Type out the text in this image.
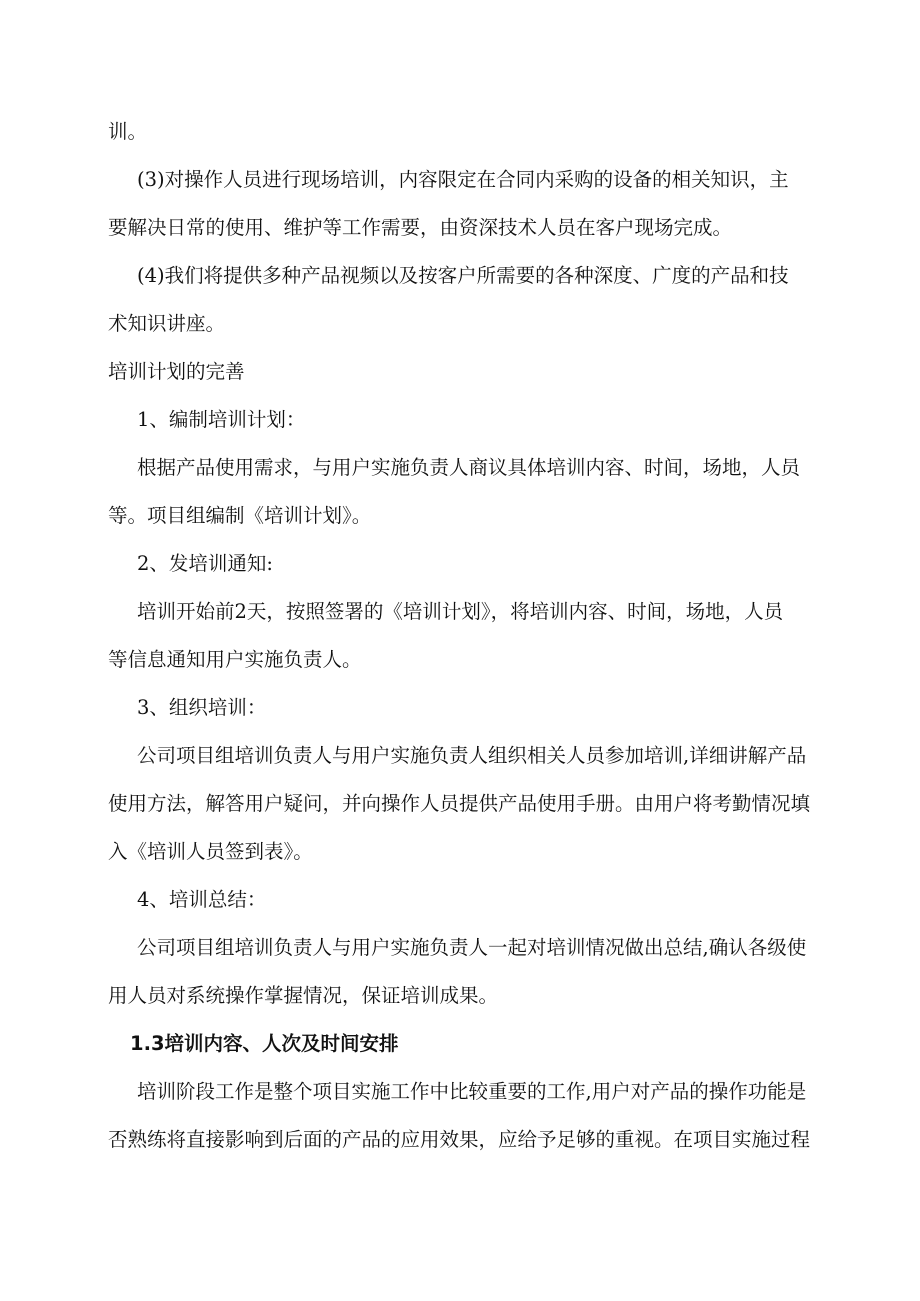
训。
(3)对操作人员进行现场培训，内容限定在合同内采购的设备的相关知识，主
要解决日常的使用、维护等工作需要，由资深技术人员在客户现场完成。
(4)我们将提供多种产品视频以及按客户所需要的各种深度、广度的产品和技
术知识讲座。
培训计划的完善
1、编制培训计划：
根据产品使用需求，与用户实施负责人商议具体培训内容、时间，场地，人员
等。项目组编制《培训计划》。
2、发培训通知:
培训开始前2天，按照签署的《培训计划》，将培训内容、时间，场地，人员
等信息通知用户实施负责人。
3、组织培训：
公司项目组培训负责人与用户实施负责人组织相关人员参加培训,详细讲解产品
使用方法，解答用户疑问，并向操作人员提供产品使用手册。由用户将考勤情况填
入《培训人员签到表》。
4、培训总结：
公司项目组培训负责人与用户实施负责人一起对培训情况做出总结,确认各级使
用人员对系统操作掌握情况，保证培训成果。
1.3培训内容、人次及时间安排
培训阶段工作是整个项目实施工作中比较重要的工作,用户对产品的操作功能是
否熟练将直接影响到后面的产品的应用效果，应给予足够的重视。在项目实施过程
